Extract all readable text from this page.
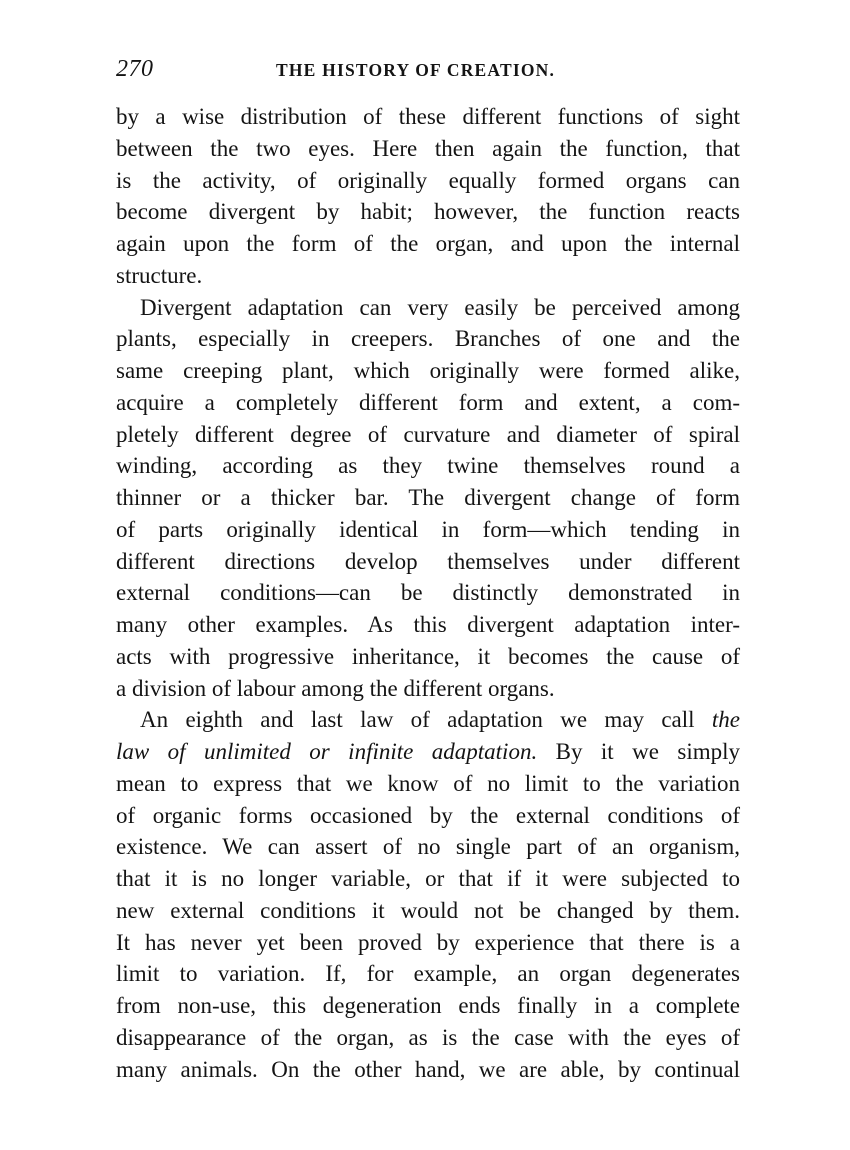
270	THE HISTORY OF CREATION.
by a wise distribution of these different functions of sight
between the two eyes. Here then again the function, that
is the activity, of originally equally formed organs can
become divergent by habit; however, the function reacts
again upon the form of the organ, and upon the internal
structure.
Divergent adaptation can very easily be perceived among
plants, especially in creepers. Branches of one and the
same creeping plant, which originally were formed alike,
acquire a completely different form and extent, a com-
pletely different degree of curvature and diameter of spiral
winding, according as they twine themselves round a
thinner or a thicker bar. The divergent change of form
of parts originally identical in form—which tending in
different directions develop themselves under different
external conditions—can be distinctly demonstrated in
many other examples. As this divergent adaptation inter-
acts with progressive inheritance, it becomes the cause of
a division of labour among the different organs.
An eighth and last law of adaptation we may call the
law of unlimited or infinite adaptation. By it we simply
mean to express that we know of no limit to the variation
of organic forms occasioned by the external conditions of
existence. We can assert of no single part of an organism,
that it is no longer variable, or that if it were subjected to
new external conditions it would not be changed by them.
It has never yet been proved by experience that there is a
limit to variation. If, for example, an organ degenerates
from non-use, this degeneration ends finally in a complete
disappearance of the organ, as is the case with the eyes of
many animals. On the other hand, we are able, by continual
